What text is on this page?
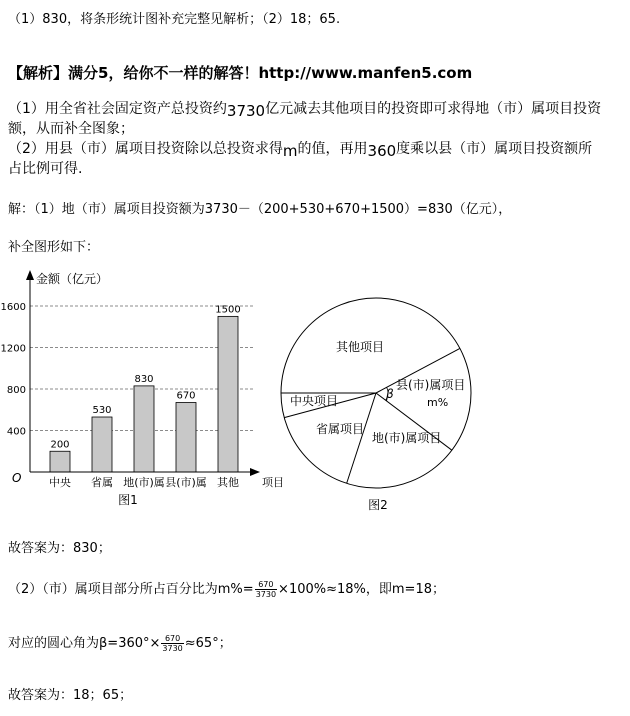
（1）830，将条形统计图补充完整见解析；（2）18；65.
【解析】满分5，给你不一样的解答！http://www.manfen5.com
（1）用全省社会固定资产总投资约3730亿元减去其他项目的投资即可求得地（市）属项目投资
额，从而补全图象；
（2）用县（市）属项目投资除以总投资求得m的值，再用360度乘以县（市）属项目投资额所
占比例可得.
解：（1）地（市）属项目投资额为3730－（200+530+670+1500）=830（亿元），
补全图形如下：
400
800
1200
1600
200
中央
530
省属
830
地(市)属
670
县(市)属
1500
其他
金额（亿元）
项目
O
图1
其他项目
中央项目
省属项目
地(市)属项目
县(市)属项目
m%
β
图2
故答案为：830；
（2）（市）属项目部分所占百分比为$m\%= \frac{670}{3730} \times 100\%\approx 18\%$，即m=18；
对应的圆心角为$\beta=360^\circ\times \frac{670}{3730} \approx 65^\circ$；
故答案为：18；65；
